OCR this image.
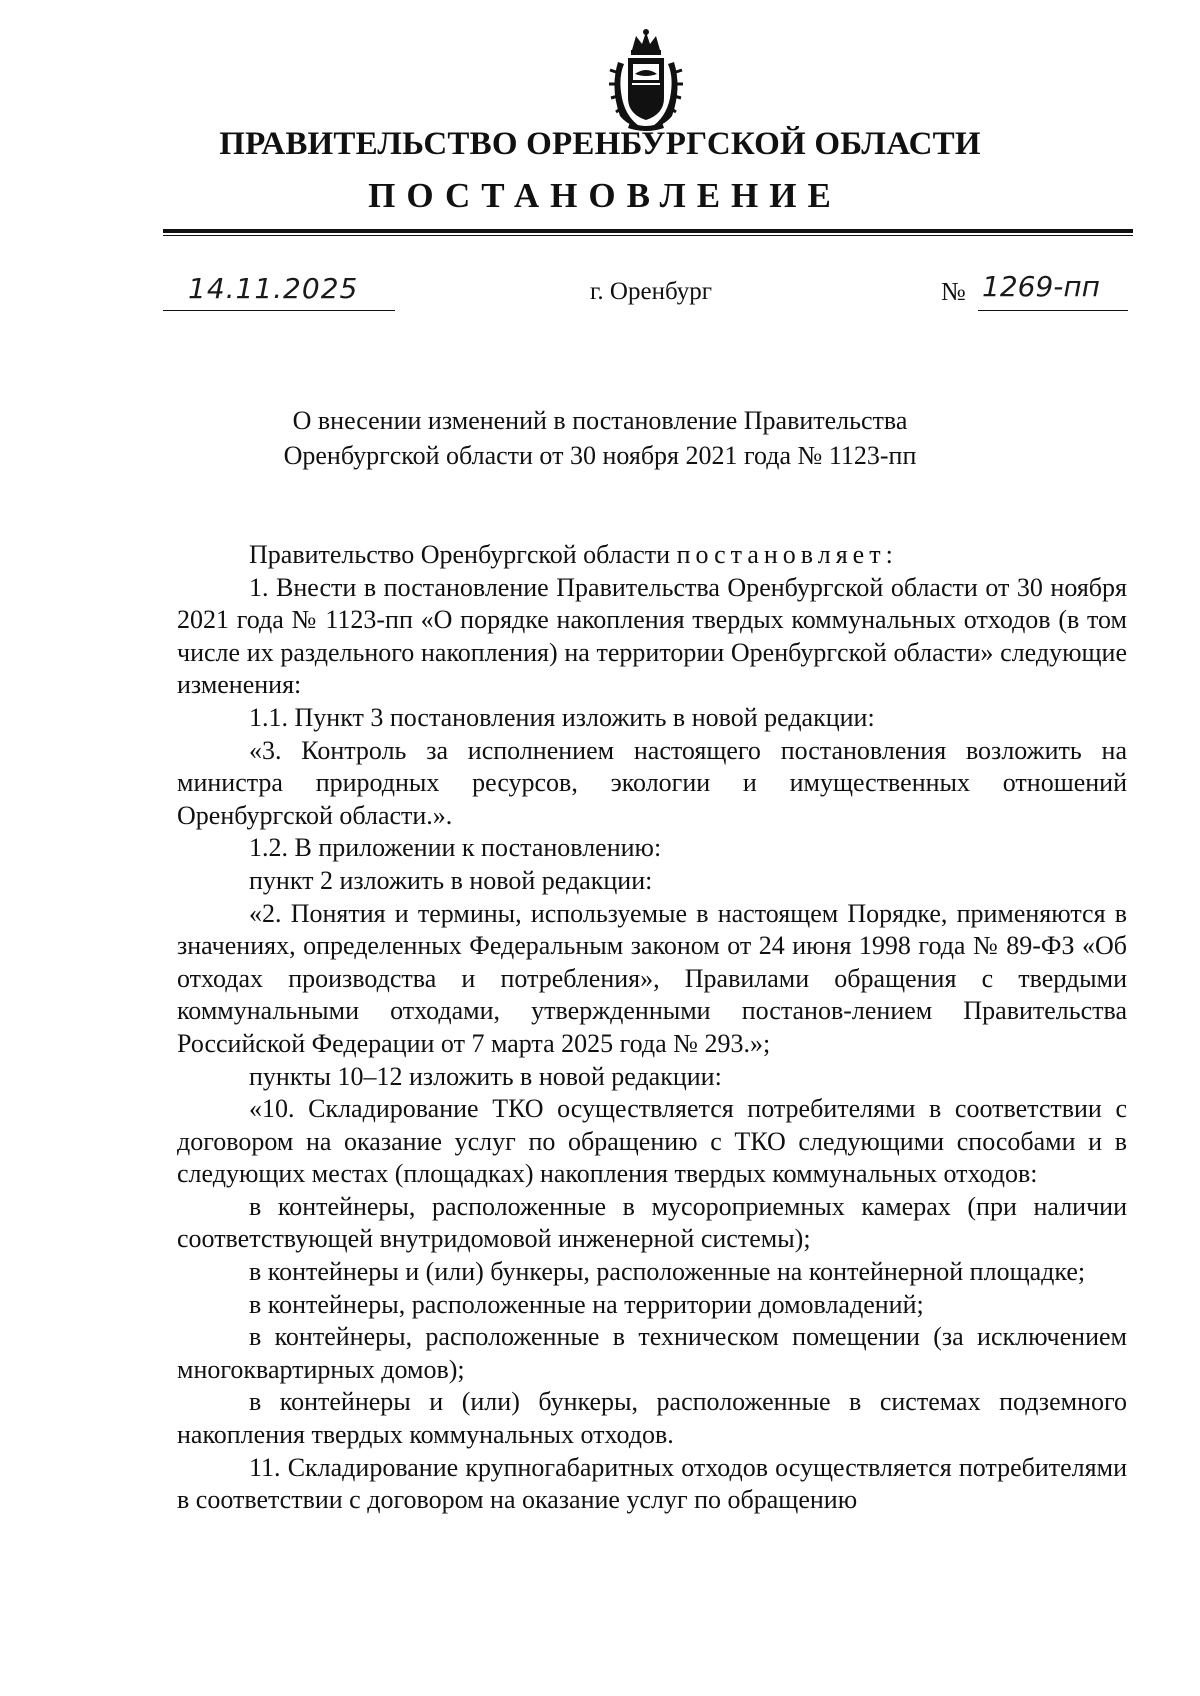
ПРАВИТЕЛЬСТВО ОРЕНБУРГСКОЙ ОБЛАСТИ
ПОСТАНОВЛЕНИЕ
14.11.2025	г. Оренбург	№ 1269-пп
О внесении изменений в постановление Правительства
Оренбургской области от 30 ноября 2021 года № 1123-пп

Правительство Оренбургской области постановляет:

1. Внести в постановление Правительства Оренбургской области от 30 ноября 2021 года № 1123-пп «О порядке накопления твердых коммунальных отходов (в том числе их раздельного накопления) на территории Оренбургской области» следующие изменения:

1.1. Пункт 3 постановления изложить в новой редакции:

«3. Контроль за исполнением настоящего постановления возложить на министра природных ресурсов, экологии и имущественных отношений Оренбургской области.».

1.2. В приложении к постановлению:

пункт 2 изложить в новой редакции:

«2. Понятия и термины, используемые в настоящем Порядке, применяются в значениях, определенных Федеральным законом от 24 июня 1998 года № 89-ФЗ «Об отходах производства и потребления», Правилами обращения с твердыми коммунальными отходами, утвержденными постанов-лением Правительства Российской Федерации от 7 марта 2025 года № 293.»;

пункты 10–12 изложить в новой редакции:

«10. Складирование ТКО осуществляется потребителями в соответствии с договором на оказание услуг по обращению с ТКО следующими способами и в следующих местах (площадках) накопления твердых коммунальных отходов:

в контейнеры, расположенные в мусороприемных камерах (при наличии соответствующей внутридомовой инженерной системы);

в контейнеры и (или) бункеры, расположенные на контейнерной площадке;

в контейнеры, расположенные на территории домовладений;

в контейнеры, расположенные в техническом помещении (за исключением многоквартирных домов);

в контейнеры и (или) бункеры, расположенные в системах подземного накопления твердых коммунальных отходов.

11. Складирование крупногабаритных отходов осуществляется потребителями в соответствии с договором на оказание услуг по обращению
